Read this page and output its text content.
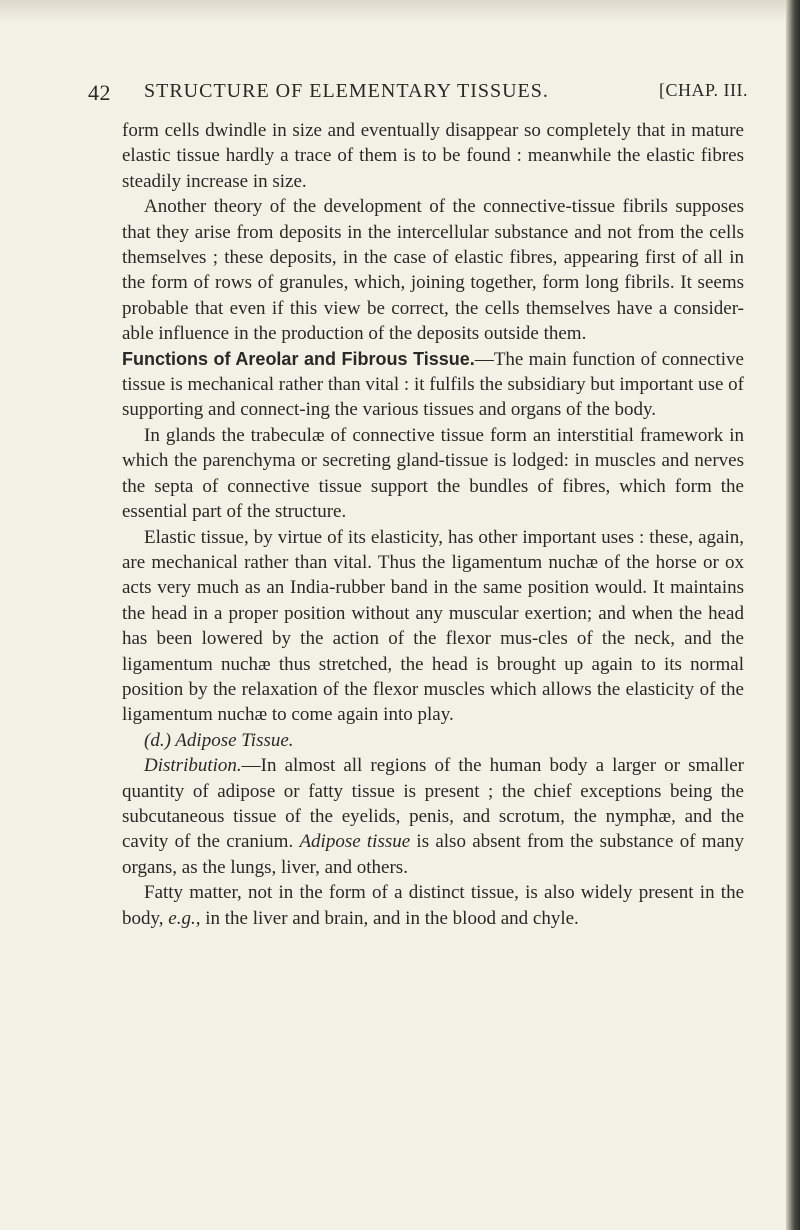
42 STRUCTURE OF ELEMENTARY TISSUES.	[CHAP. III.

form cells dwindle in size and eventually disappear so completely that in mature elastic tissue hardly a trace of them is to be found : meanwhile the elastic fibres steadily increase in size.

Another theory of the development of the connective-tissue fibrils supposes that they arise from deposits in the intercellular substance and not from the cells themselves ; these deposits, in the case of elastic fibres, appearing first of all in the form of rows of granules, which, joining together, form long fibrils. It seems probable that even if this view be correct, the cells themselves have a consider-able influence in the production of the deposits outside them.

Functions of Areolar and Fibrous Tissue.—The main function of connective tissue is mechanical rather than vital : it fulfils the subsidiary but important use of supporting and connect-ing the various tissues and organs of the body.

In glands the trabeculæ of connective tissue form an interstitial framework in which the parenchyma or secreting gland-tissue is lodged: in muscles and nerves the septa of connective tissue support the bundles of fibres, which form the essential part of the structure.

Elastic tissue, by virtue of its elasticity, has other important uses : these, again, are mechanical rather than vital. Thus the ligamentum nuchæ of the horse or ox acts very much as an India-rubber band in the same position would. It maintains the head in a proper position without any muscular exertion; and when the head has been lowered by the action of the flexor mus-cles of the neck, and the ligamentum nuchæ thus stretched, the head is brought up again to its normal position by the relaxation of the flexor muscles which allows the elasticity of the ligamentum nuchæ to come again into play.

(d.) Adipose Tissue.

Distribution.—In almost all regions of the human body a larger or smaller quantity of adipose or fatty tissue is present ; the chief exceptions being the subcutaneous tissue of the eyelids, penis, and scrotum, the nymphæ, and the cavity of the cranium. Adipose tissue is also absent from the substance of many organs, as the lungs, liver, and others.

Fatty matter, not in the form of a distinct tissue, is also widely present in the body, e.g., in the liver and brain, and in the blood and chyle.
